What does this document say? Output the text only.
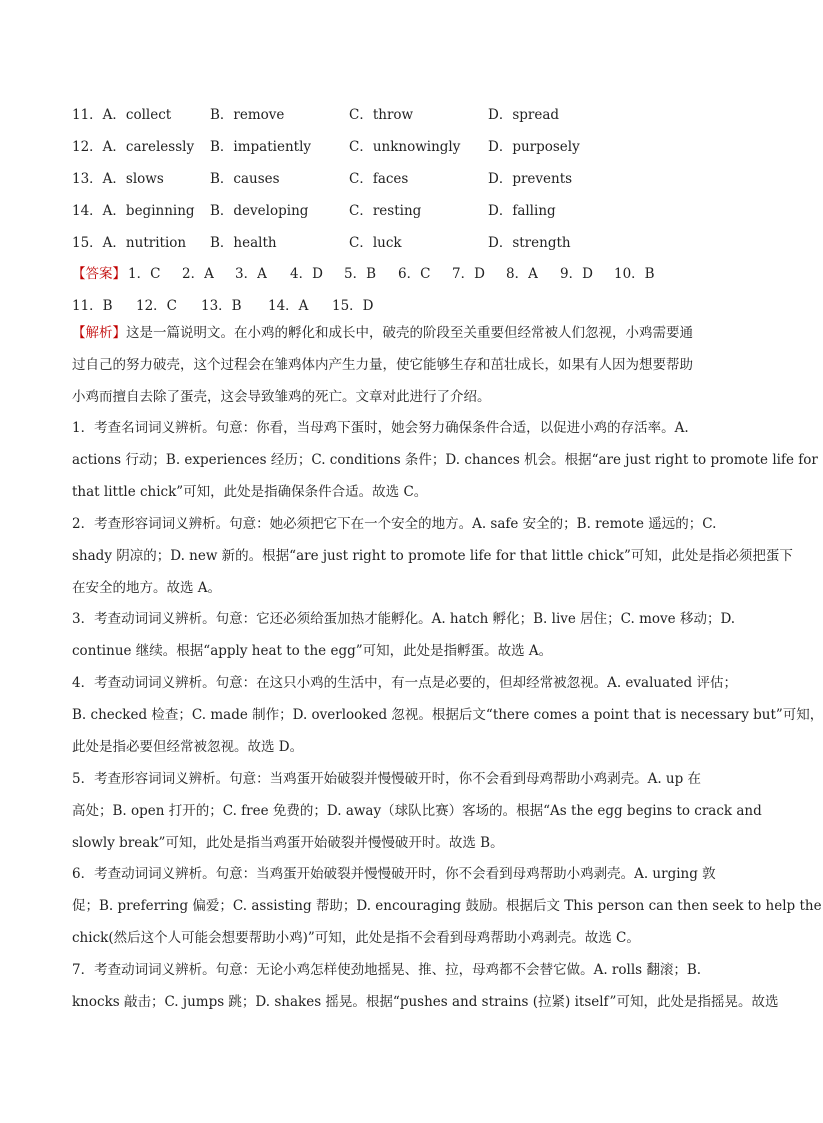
11．A．collect	B．remove	C．throw	D．spread
12．A．carelessly B．impatiently	C．unknowingly D．purposely
13．A．slows	B．causes	C．faces	D．prevents
14．A．beginning B．developing	C．resting	D．falling
15．A．nutrition B．health	C．luck	D．strength
【答案】 1．C 2．A 3．A 4．D 5．B 6．C 7．D 8．A 9．D 10．B
11．B 12．C 13．B 14．A 15．D
【解析】这是一篇说明文。在小鸡的孵化和成长中，破壳的阶段至关重要但经常被人们忽视，小鸡需要通
过自己的努力破壳，这个过程会在雏鸡体内产生力量，使它能够生存和茁壮成长，如果有人因为想要帮助
小鸡而擅自去除了蛋壳，这会导致雏鸡的死亡。文章对此进行了介绍。
1．考查名词词义辨析。句意：你看，当母鸡下蛋时，她会努力确保条件合适，以促进小鸡的存活率。A.
actions 行动；B. experiences 经历；C. conditions 条件；D. chances 机会。根据“are just right to promote life for
that little chick”可知，此处是指确保条件合适。故选 C。
2．考查形容词词义辨析。句意：她必须把它下在一个安全的地方。A. safe 安全的；B. remote 遥远的；C.
shady 阴凉的；D. new 新的。根据“are just right to promote life for that little chick”可知，此处是指必须把蛋下
在安全的地方。故选 A。
3．考查动词词义辨析。句意：它还必须给蛋加热才能孵化。A. hatch 孵化；B. live 居住；C. move 移动；D.
continue 继续。根据“apply heat to the egg”可知，此处是指孵蛋。故选 A。
4．考查动词词义辨析。句意：在这只小鸡的生活中，有一点是必要的，但却经常被忽视。A. evaluated 评估；
B. checked 检查；C. made 制作；D. overlooked 忽视。根据后文“there comes a point that is necessary but”可知，
此处是指必要但经常被忽视。故选 D。
5．考查形容词词义辨析。句意：当鸡蛋开始破裂并慢慢破开时，你不会看到母鸡帮助小鸡剥壳。A. up 在
高处；B. open 打开的；C. free 免费的；D. away（球队比赛）客场的。根据“As the egg begins to crack and
slowly break”可知，此处是指当鸡蛋开始破裂并慢慢破开时。故选 B。
6．考查动词词义辨析。句意：当鸡蛋开始破裂并慢慢破开时，你不会看到母鸡帮助小鸡剥壳。A. urging 敦
促；B. preferring 偏爱；C. assisting 帮助；D. encouraging 鼓励。根据后文 This person can then seek to help the
chick(然后这个人可能会想要帮助小鸡)”可知，此处是指不会看到母鸡帮助小鸡剥壳。故选 C。
7．考查动词词义辨析。句意：无论小鸡怎样使劲地摇晃、推、拉，母鸡都不会替它做。A. rolls 翻滚；B.
knocks 敲击；C. jumps 跳；D. shakes 摇晃。根据“pushes and strains (拉紧) itself”可知，此处是指摇晃。故选
